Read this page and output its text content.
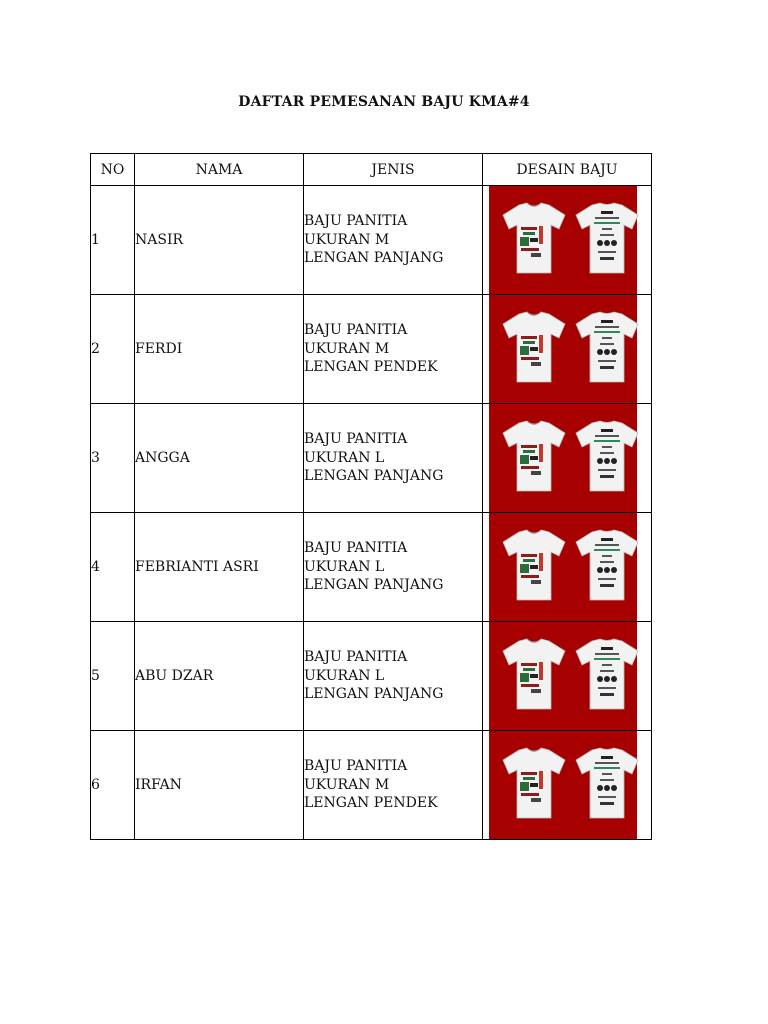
DAFTAR PEMESANAN BAJU KMA#4
NO	NAMA	JENIS	DESAIN BAJU
1	NASIR	BAJU PANITIA
UKURAN M
LENGAN PANJANG

2	FERDI	BAJU PANITIA
UKURAN M
LENGAN PENDEK

3	ANGGA	BAJU PANITIA
UKURAN L
LENGAN PANJANG

4	FEBRIANTI ASRI	BAJU PANITIA
UKURAN L
LENGAN PANJANG

5	ABU DZAR	BAJU PANITIA
UKURAN L
LENGAN PANJANG

6	IRFAN	BAJU PANITIA
UKURAN M
LENGAN PENDEK
